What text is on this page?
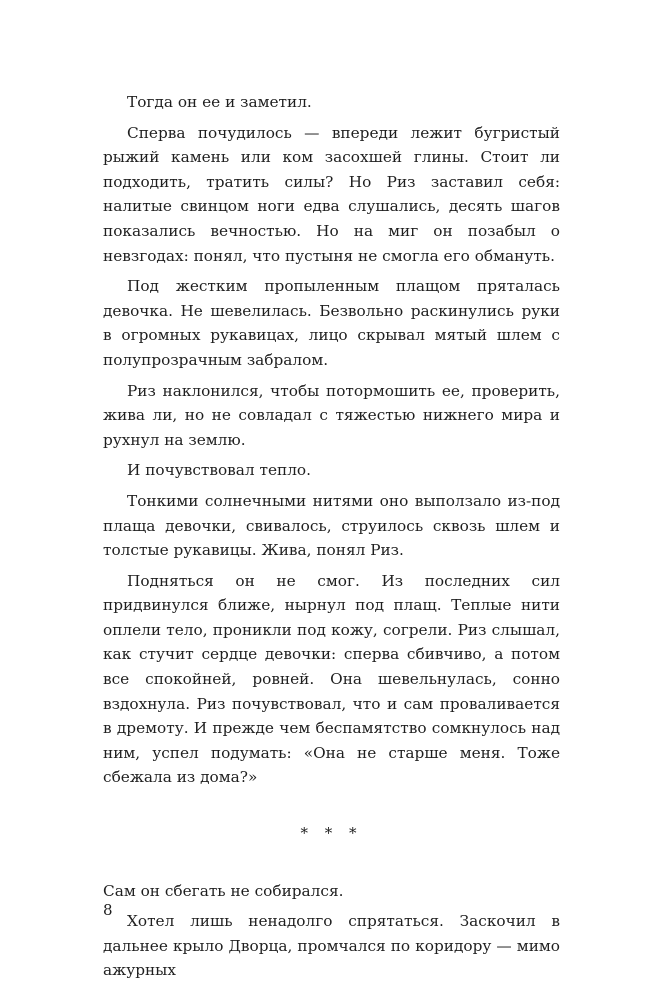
Тогда он ее и заметил.

Сперва почудилось — впереди лежит бугристый рыжий камень или ком засохшей глины. Стоит ли подходить, тратить силы? Но Риз заставил себя: налитые свинцом ноги едва слушались, десять шагов показались вечностью. Но на миг он позабыл о невзгодах: понял, что пустыня не смогла его обмануть.

Под жестким пропыленным плащом пряталась девочка. Не шевелилась. Безвольно раскинулись руки в огромных рукавицах, лицо скрывал мятый шлем с полупрозрачным забралом.

Риз наклонился, чтобы потормошить ее, проверить, жива ли, но не совладал с тяжестью нижнего мира и рухнул на землю.

И почувствовал тепло.

Тонкими солнечными нитями оно выползало из-под плаща девочки, свивалось, струилось сквозь шлем и толстые рукавицы. Жива, понял Риз.

Подняться он не смог. Из последних сил придвинулся ближе, нырнул под плащ. Теплые нити оплели тело, проникли под кожу, согрели. Риз слышал, как стучит сердце девочки: сперва сбивчиво, а потом все спокойней, ровней. Она шевельнулась, сонно вздохнула. Риз почувствовал, что и сам проваливается в дремоту. И прежде чем беспамятство сомкнулось над ним, успел подумать: «Она не старше меня. Тоже сбежала из дома?»

* * *

Сам он сбегать не собирался.

Хотел лишь ненадолго спрятаться. Заскочил в дальнее крыло Дворца, промчался по коридору — мимо ажурных

8
